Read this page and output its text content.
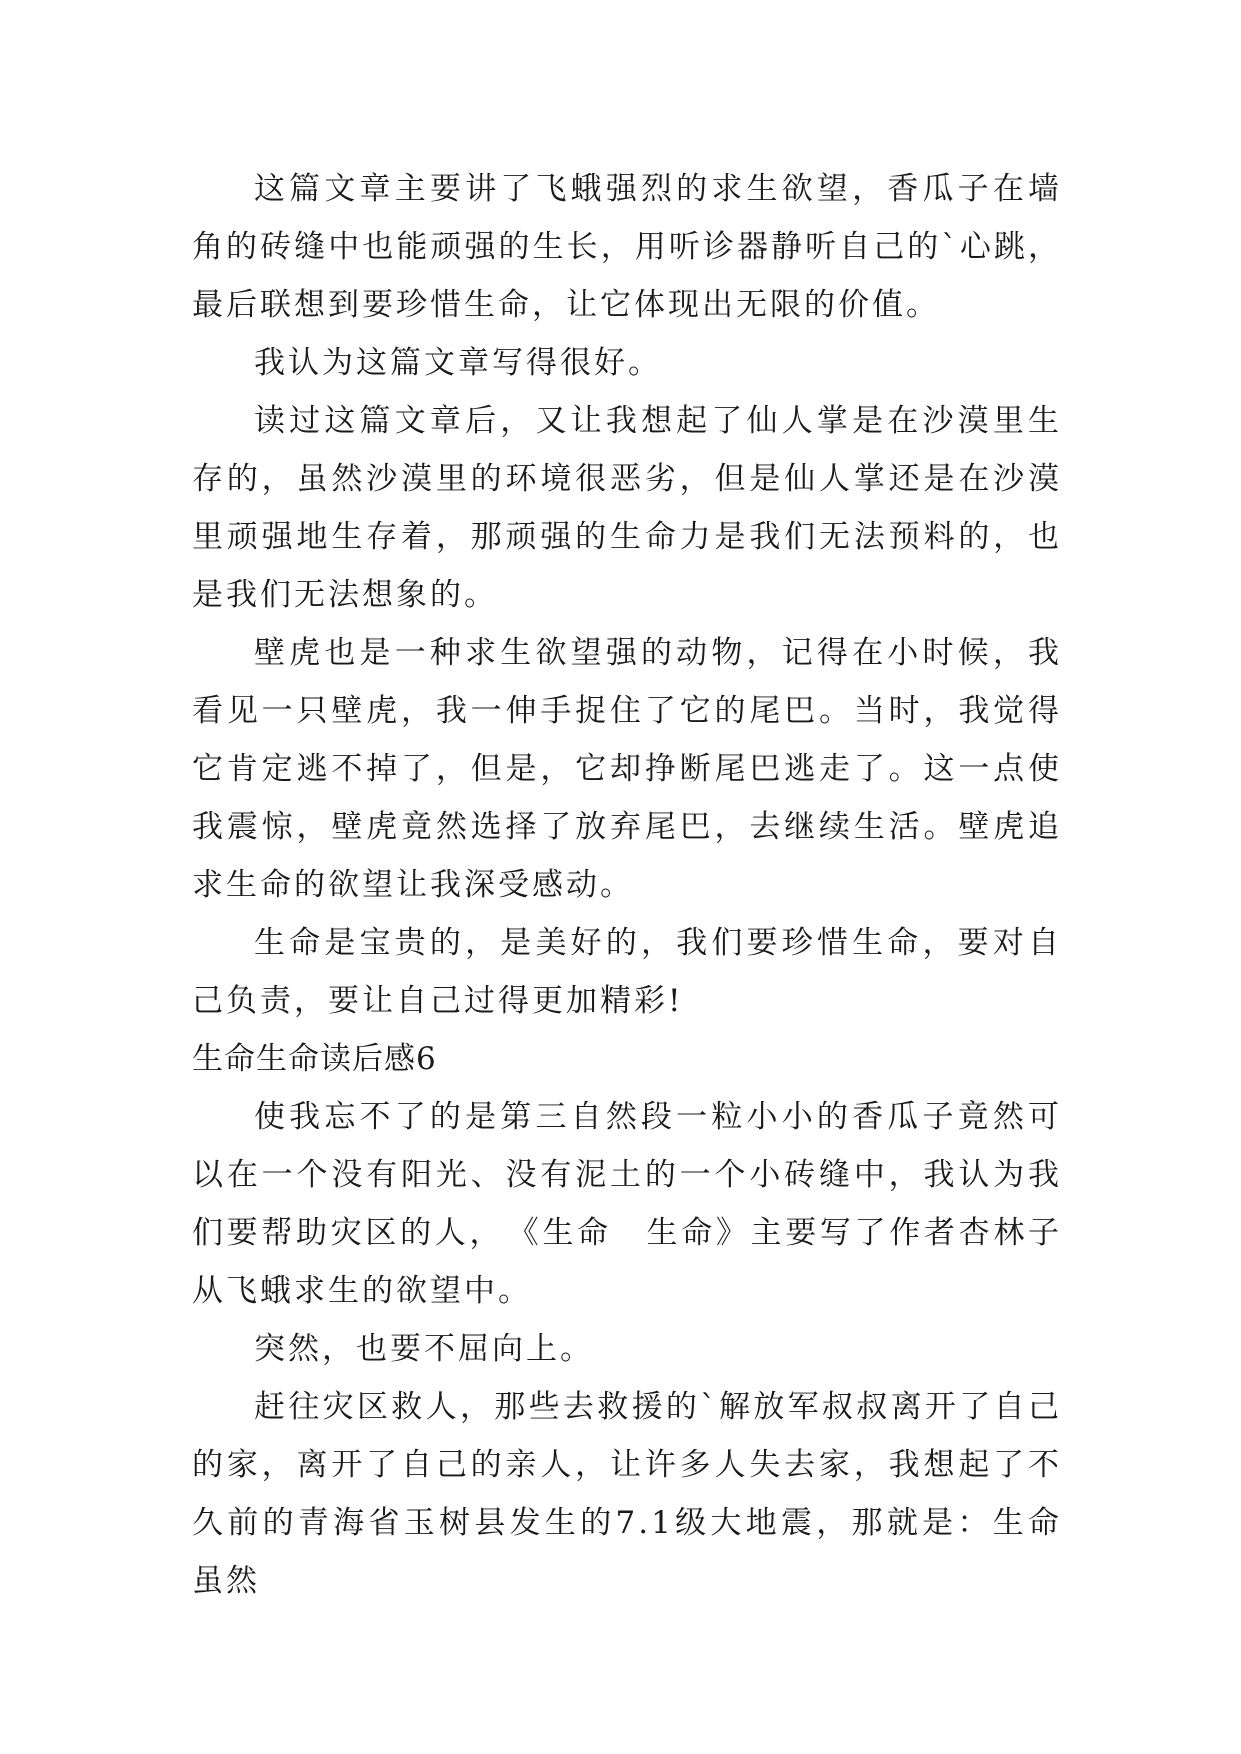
这篇文章主要讲了飞蛾强烈的求生欲望，香瓜子在墙角的砖缝中也能顽强的生长，用听诊器静听自己的`心跳，最后联想到要珍惜生命，让它体现出无限的价值。

我认为这篇文章写得很好。

读过这篇文章后，又让我想起了仙人掌是在沙漠里生存的，虽然沙漠里的环境很恶劣，但是仙人掌还是在沙漠里顽强地生存着，那顽强的生命力是我们无法预料的，也是我们无法想象的。

壁虎也是一种求生欲望强的动物，记得在小时候，我看见一只壁虎，我一伸手捉住了它的尾巴。当时，我觉得它肯定逃不掉了，但是，它却挣断尾巴逃走了。这一点使我震惊，壁虎竟然选择了放弃尾巴，去继续生活。壁虎追求生命的欲望让我深受感动。

生命是宝贵的，是美好的，我们要珍惜生命，要对自己负责，要让自己过得更加精彩!

生命生命读后感6

使我忘不了的是第三自然段一粒小小的香瓜子竟然可以在一个没有阳光、没有泥土的一个小砖缝中，我认为我们要帮助灾区的人，　《生命　生命》主要写了作者杏林子从飞蛾求生的欲望中。

突然，也要不屈向上。

赶往灾区救人，那些去救援的`解放军叔叔离开了自己的家，离开了自己的亲人，让许多人失去家，我想起了不久前的青海省玉树县发生的7.1级大地震，那就是：生命虽然
